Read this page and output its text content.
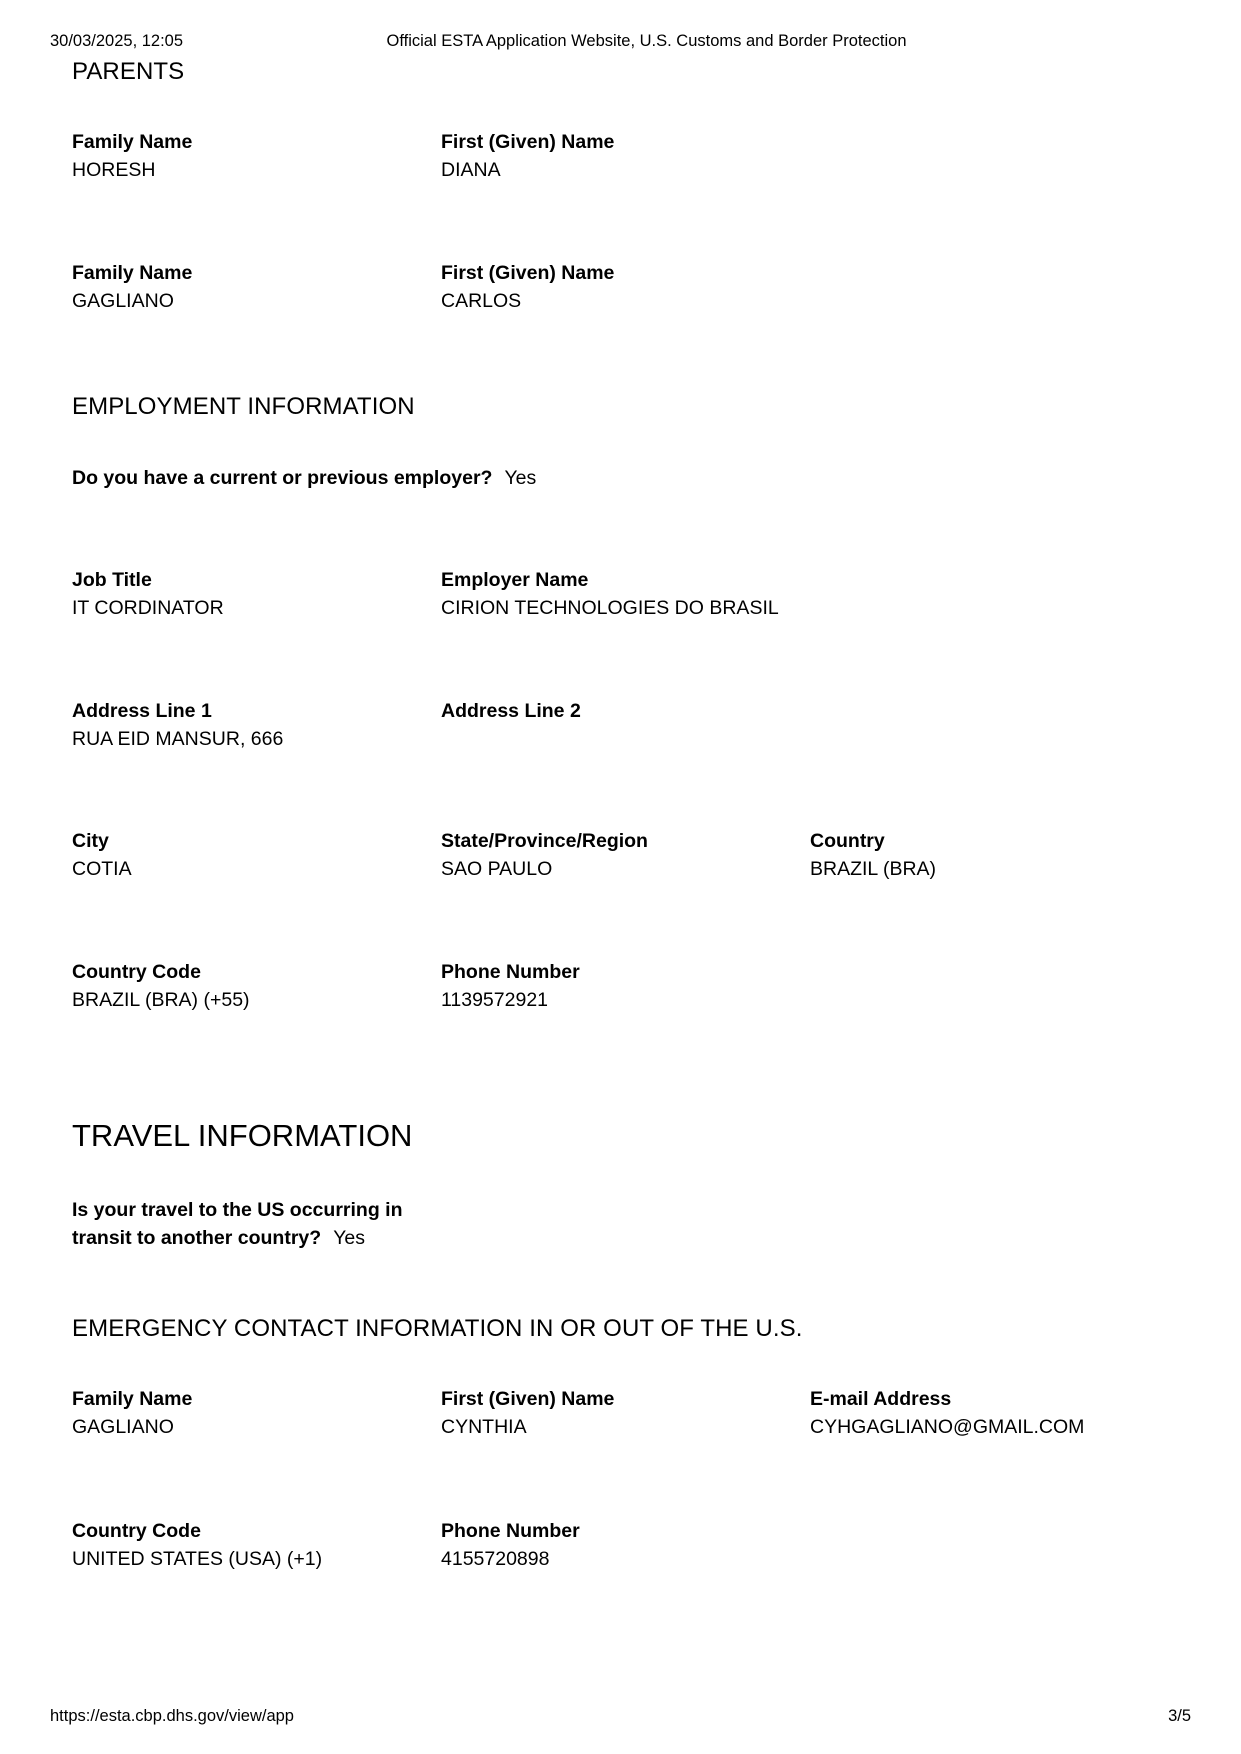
30/03/2025, 12:05	Official ESTA Application Website, U.S. Customs and Border Protection
PARENTS
Family Name
HORESH
First (Given) Name
DIANA
Family Name
GAGLIANO
First (Given) Name
CARLOS
EMPLOYMENT INFORMATION
Do you have a current or previous employer? Yes
Job Title
IT CORDINATOR
Employer Name
CIRION TECHNOLOGIES DO BRASIL
Address Line 1
RUA EID MANSUR, 666
Address Line 2
City
COTIA
State/Province/Region
SAO PAULO
Country
BRAZIL (BRA)
Country Code
BRAZIL (BRA) (+55)
Phone Number
1139572921
TRAVEL INFORMATION
Is your travel to the US occurring in
transit to another country? Yes
EMERGENCY CONTACT INFORMATION IN OR OUT OF THE U.S.
Family Name
GAGLIANO
First (Given) Name
CYNTHIA
E-mail Address
CYHGAGLIANO@GMAIL.COM
Country Code
UNITED STATES (USA) (+1)
Phone Number
4155720898
https://esta.cbp.dhs.gov/view/app	3/5
